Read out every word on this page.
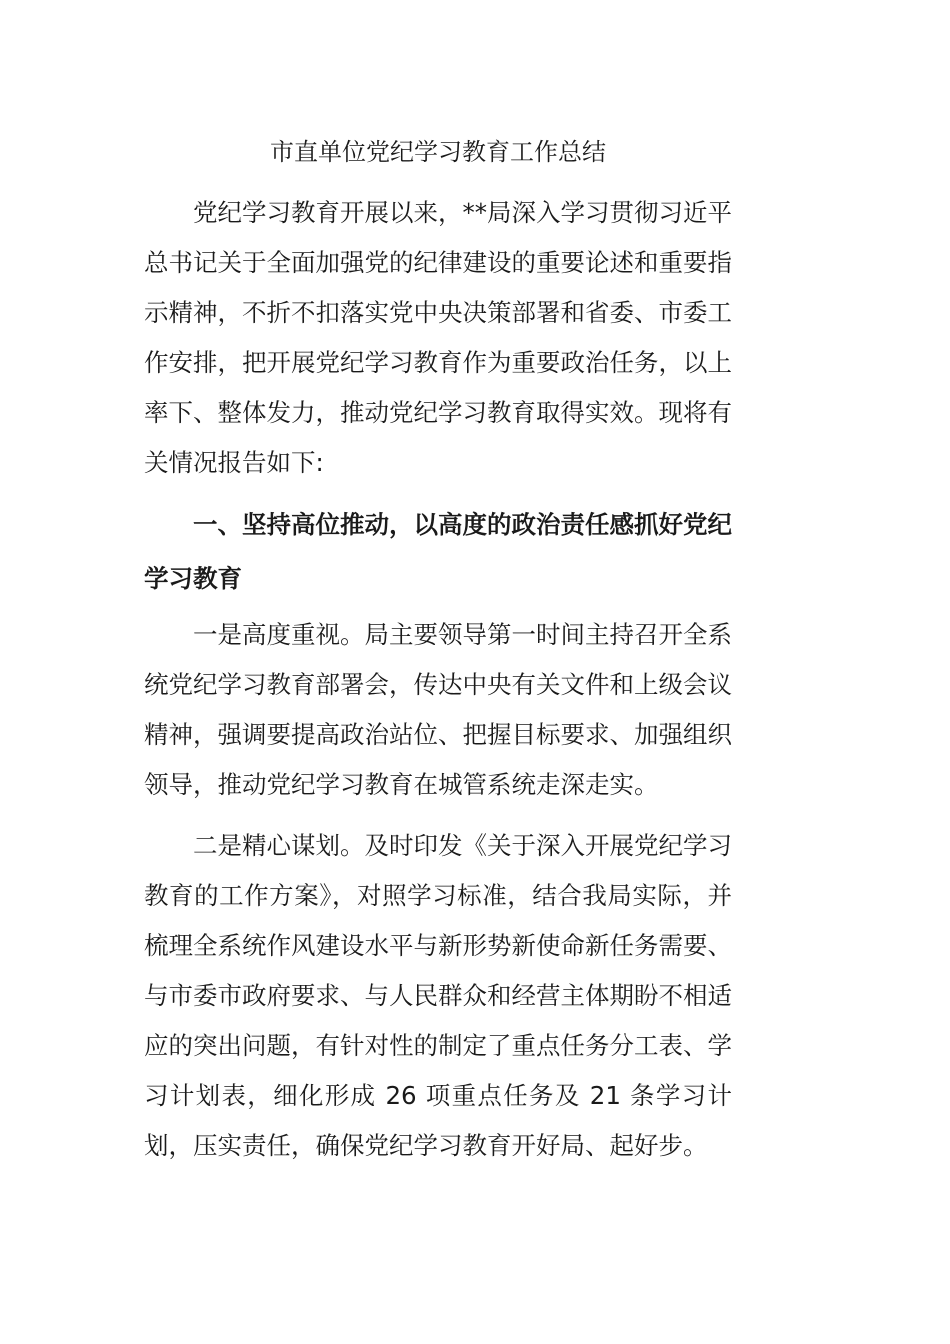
市直单位党纪学习教育工作总结

党纪学习教育开展以来，**局深入学习贯彻习近平总书记关于全面加强党的纪律建设的重要论述和重要指示精神，不折不扣落实党中央决策部署和省委、市委工作安排，把开展党纪学习教育作为重要政治任务，以上率下、整体发力，推动党纪学习教育取得实效。现将有关情况报告如下:

一、坚持高位推动，以高度的政治责任感抓好党纪学习教育

一是高度重视。局主要领导第一时间主持召开全系统党纪学习教育部署会，传达中央有关文件和上级会议精神，强调要提高政治站位、把握目标要求、加强组织领导，推动党纪学习教育在城管系统走深走实。

二是精心谋划。及时印发《关于深入开展党纪学习教育的工作方案》，对照学习标准，结合我局实际，并梳理全系统作风建设水平与新形势新使命新任务需要、与市委市政府要求、与人民群众和经营主体期盼不相适应的突出问题，有针对性的制定了重点任务分工表、学习计划表，细化形成 26 项重点任务及 21 条学习计划，压实责任，确保党纪学习教育开好局、起好步。
